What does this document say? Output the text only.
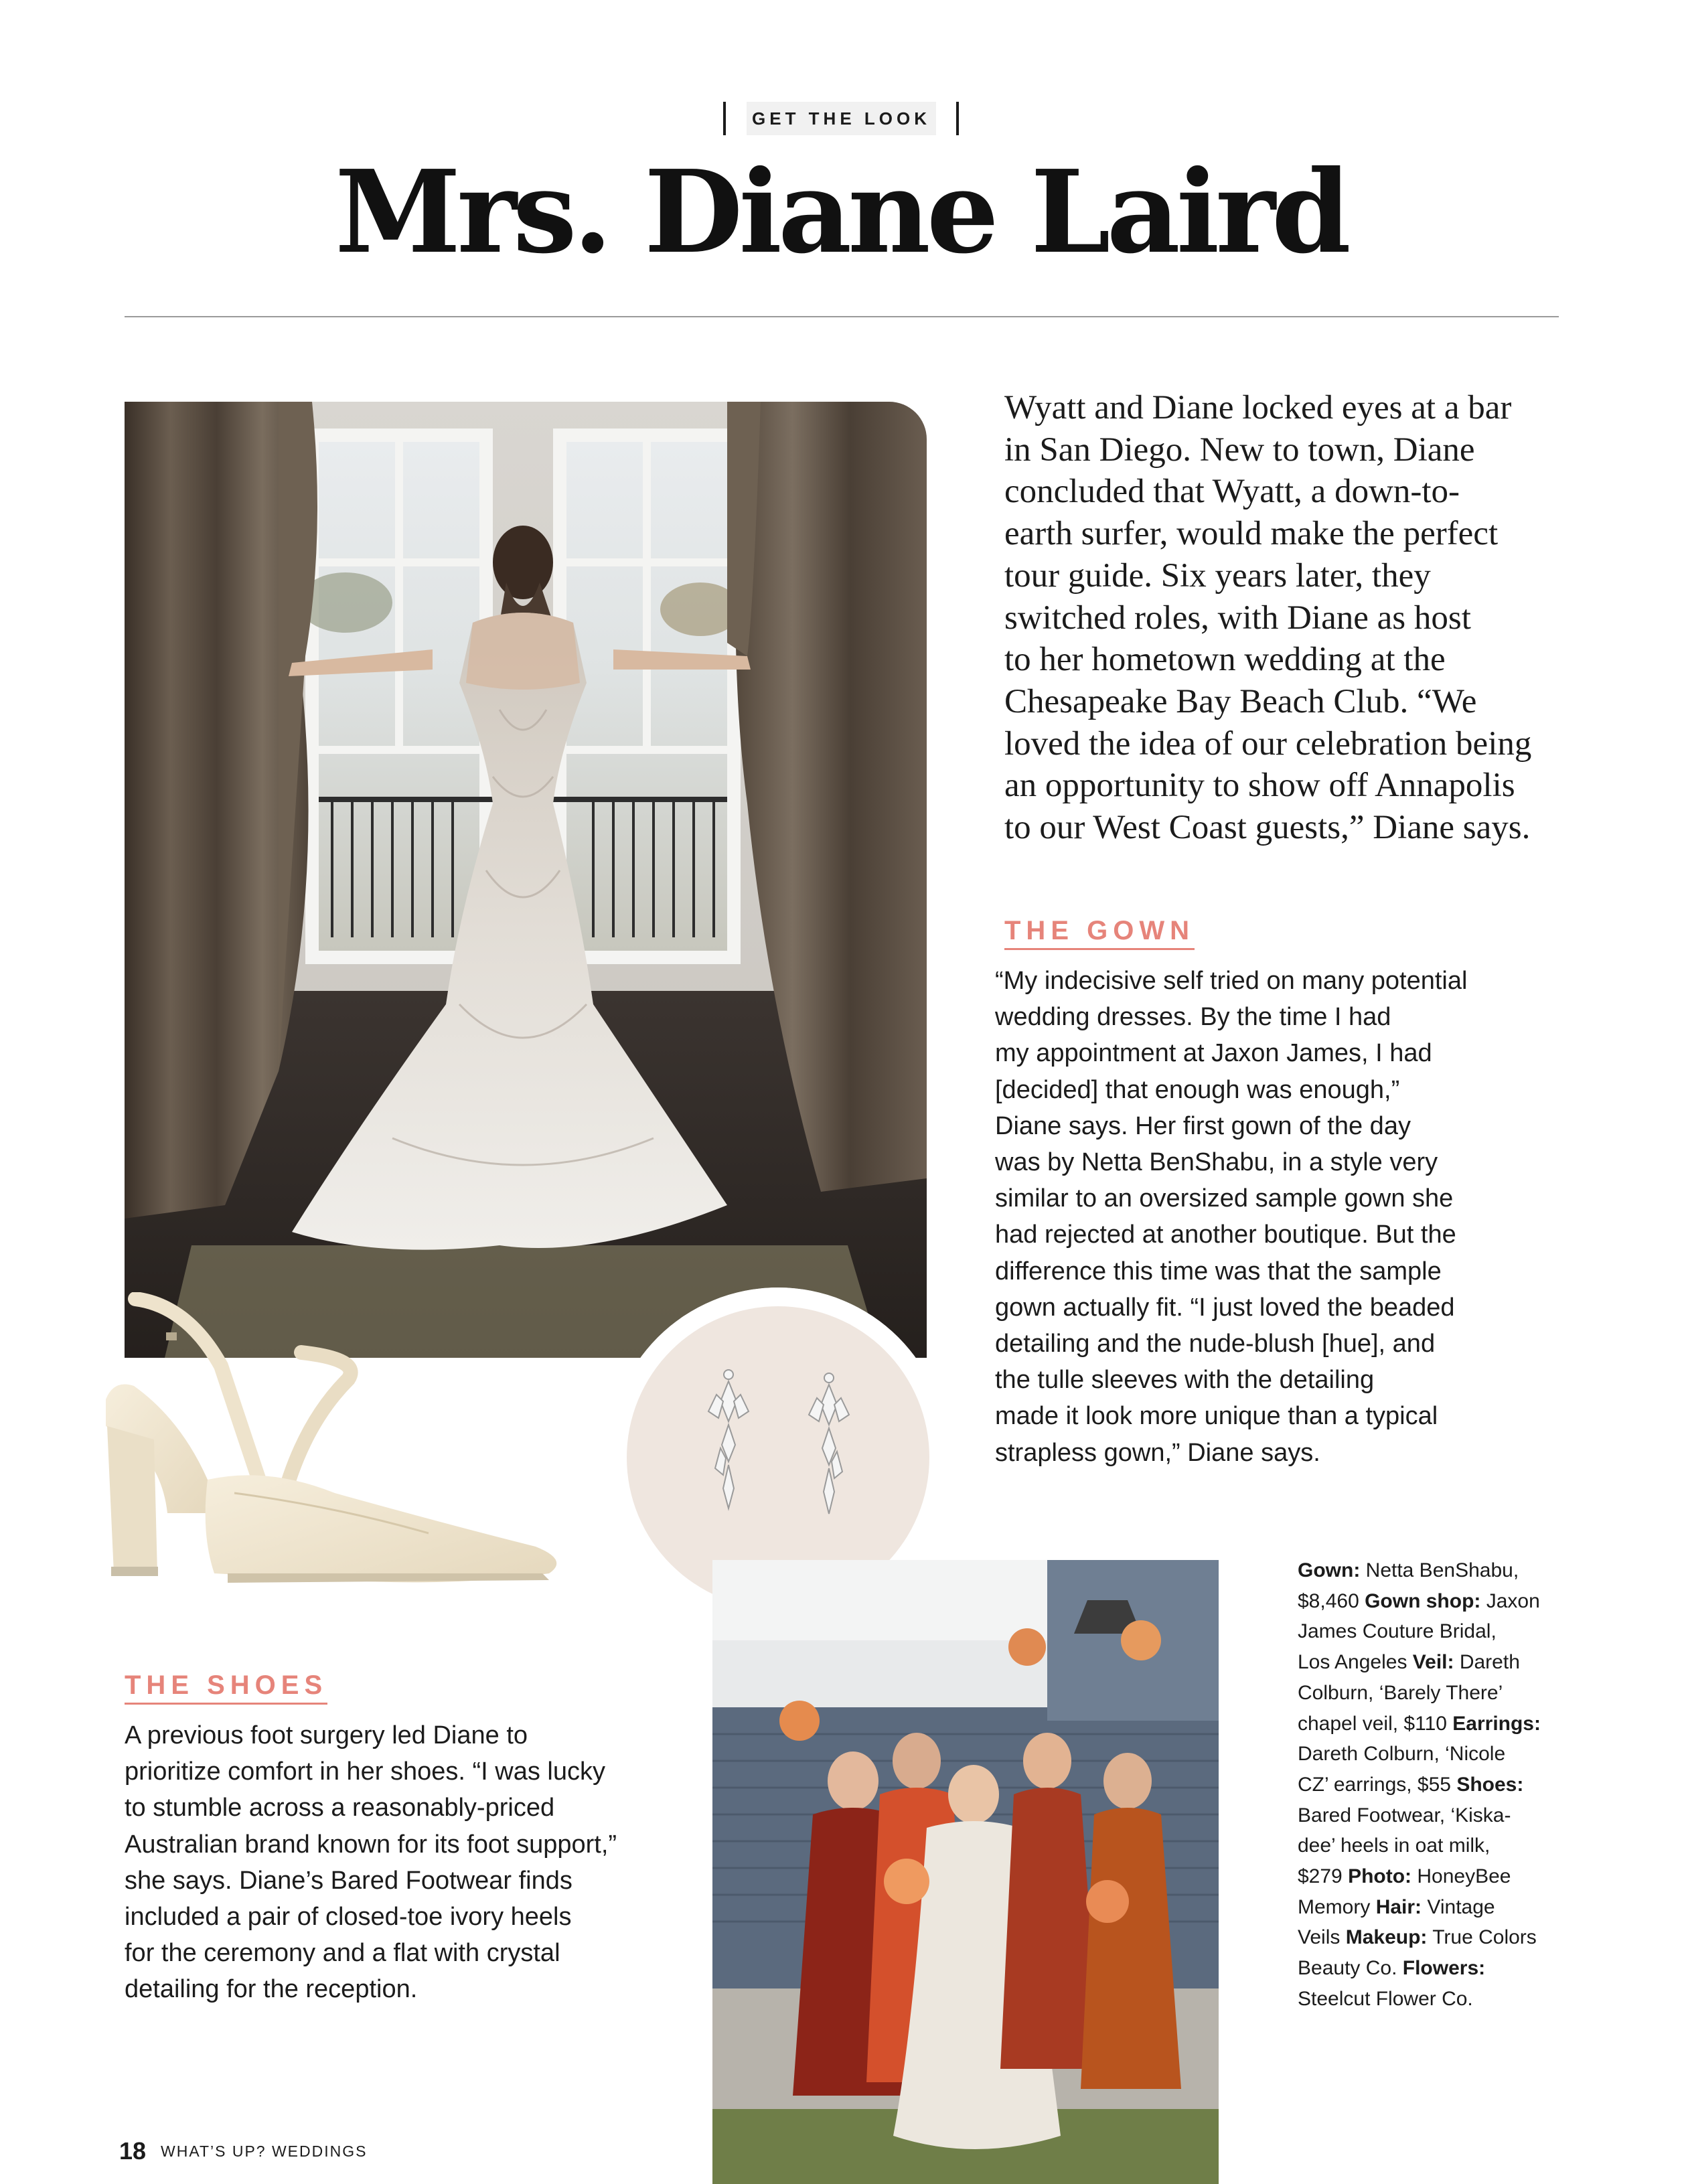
GET THE LOOK
Mrs. Diane Laird
Wyatt and Diane locked eyes at a bar
in San Diego. New to town, Diane
concluded that Wyatt, a down-to-
earth surfer, would make the perfect
tour guide. Six years later, they
switched roles, with Diane as host
to her hometown wedding at the
Chesapeake Bay Beach Club. “We
loved the idea of our celebration being
an opportunity to show off Annapolis
to our West Coast guests,” Diane says.
THE GOWN
“My indecisive self tried on many potential
wedding dresses. By the time I had
my appointment at Jaxon James, I had
[decided] that enough was enough,”
Diane says. Her first gown of the day
was by Netta BenShabu, in a style very
similar to an oversized sample gown she
had rejected at another boutique. But the
difference this time was that the sample
gown actually fit. “I just loved the beaded
detailing and the nude-blush [hue], and
the tulle sleeves with the detailing
made it look more unique than a typical
strapless gown,” Diane says.
THE SHOES
A previous foot surgery led Diane to
prioritize comfort in her shoes. “I was lucky
to stumble across a reasonably-priced
Australian brand known for its foot support,”
she says. Diane’s Bared Footwear finds
included a pair of closed-toe ivory heels
for the ceremony and a flat with crystal
detailing for the reception.
Gown: Netta BenShabu,
$8,460 Gown shop: Jaxon
James Couture Bridal,
Los Angeles Veil: Dareth
Colburn, ‘Barely There’
chapel veil, $110 Earrings:
Dareth Colburn, ‘Nicole
CZ’ earrings, $55 Shoes:
Bared Footwear, ‘Kiska-
dee’ heels in oat milk,
$279 Photo: HoneyBee
Memory Hair: Vintage
Veils Makeup: True Colors
Beauty Co. Flowers:
Steelcut Flower Co.
18 WHAT’S UP? WEDDINGS
